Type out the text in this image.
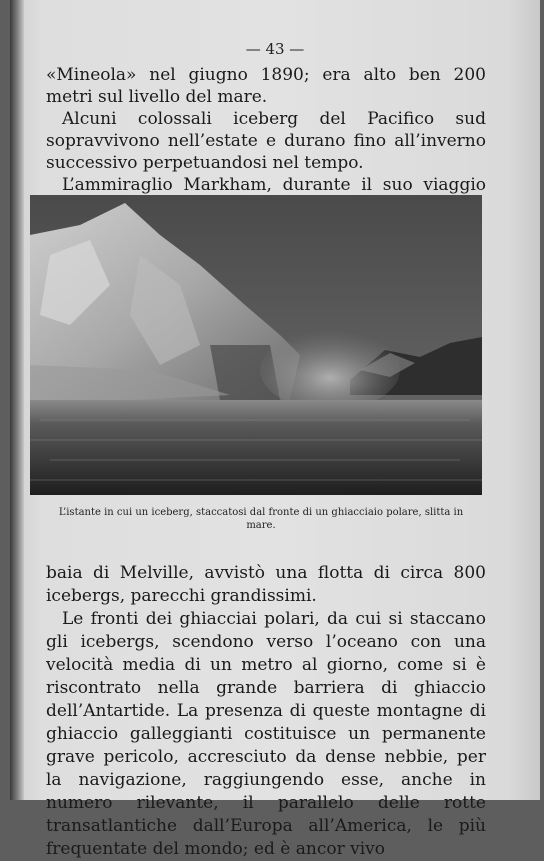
— 43 —

«Mineola» nel giugno 1890; era alto ben 200 metri sul livello del mare.

Alcuni colossali iceberg del Pacifico sud sopravvivono nell’estate e durano fino all’inverno successivo perpetuandosi nel tempo.

L’ammiraglio Markham, durante il suo viaggio

L’istante in cui un iceberg, staccatosi dal fronte di un ghiacciaio polare, slitta in mare.

baia di Melville, avvistò una flotta di circa 800 icebergs, parecchi grandissimi.

Le fronti dei ghiacciai polari, da cui si staccano gli icebergs, scendono verso l’oceano con una velocità media di un metro al giorno, come si è riscontrato nella grande barriera di ghiaccio dell’Antartide. La presenza di queste montagne di ghiaccio galleggianti costituisce un permanente grave pericolo, accresciuto da dense nebbie, per la navigazione, raggiungendo esse, anche in numero rilevante, il parallelo delle rotte transatlantiche dall’Europa all’America, le più frequentate del mondo; ed è ancor vivo
